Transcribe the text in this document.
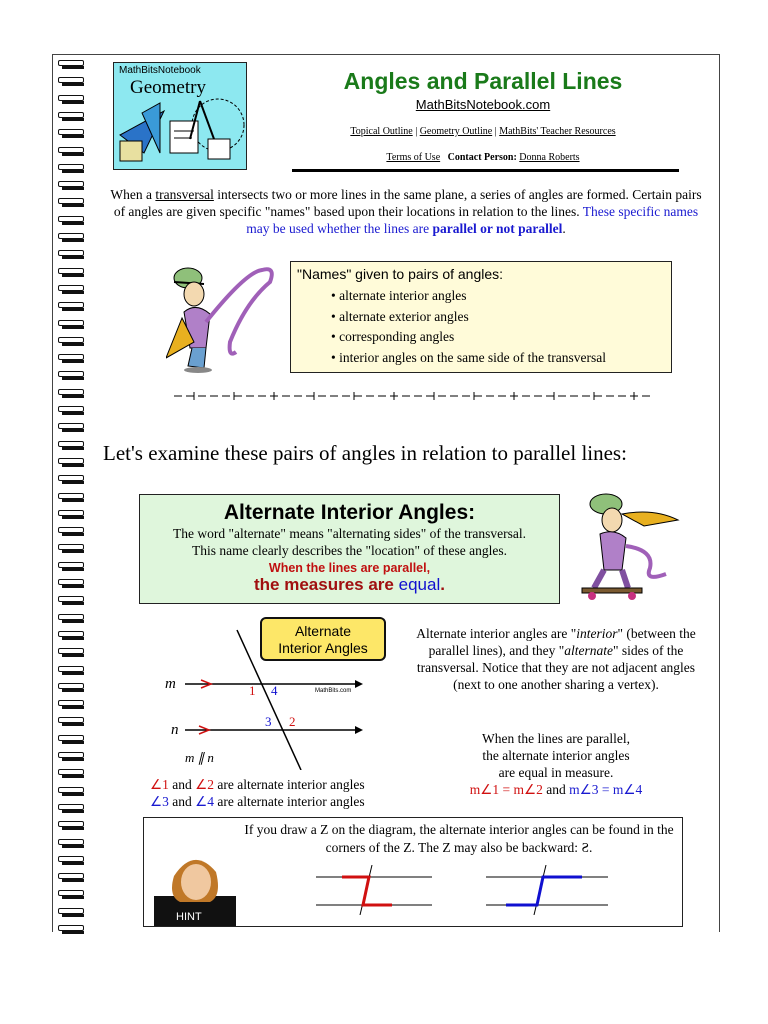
MathBitsNotebook
Geometry	Angles and Parallel Lines
MathBitsNotebook.com
Topical Outline | Geometry Outline | MathBits' Teacher Resources
Terms of Use Contact Person: Donna Roberts
When a transversal intersects two or more lines in the same plane, a series of angles are formed. Certain pairs of angles are given specific "names" based upon their locations in relation to the lines. These specific names may be used whether the lines are parallel or not parallel.
"Names" given to pairs of angles:
• alternate interior angles
• alternate exterior angles
• corresponding angles
• interior angles on the same side of the transversal
Let's examine these pairs of angles in relation to parallel lines:
Alternate Interior Angles:
The word "alternate" means "alternating sides" of the transversal.
This name clearly describes the "location" of these angles.
When the lines are parallel,
the measures are equal.
m
n
1 4
3 2
MathBits.com
m ∥ n
Alternate
Interior Angles
∠1 and ∠2 are alternate interior angles
∠3 and ∠4 are alternate interior angles
Alternate interior angles are "interior" (between the parallel lines), and they "alternate" sides of the transversal. Notice that they are not adjacent angles (next to one another sharing a vertex).
When the lines are parallel,
the alternate interior angles
are equal in measure.
m∠1 = m∠2 and m∠3 = m∠4
If you draw a Z on the diagram, the alternate interior angles can be found in the corners of the Z. The Z may also be backward: Ƨ.
HINT
